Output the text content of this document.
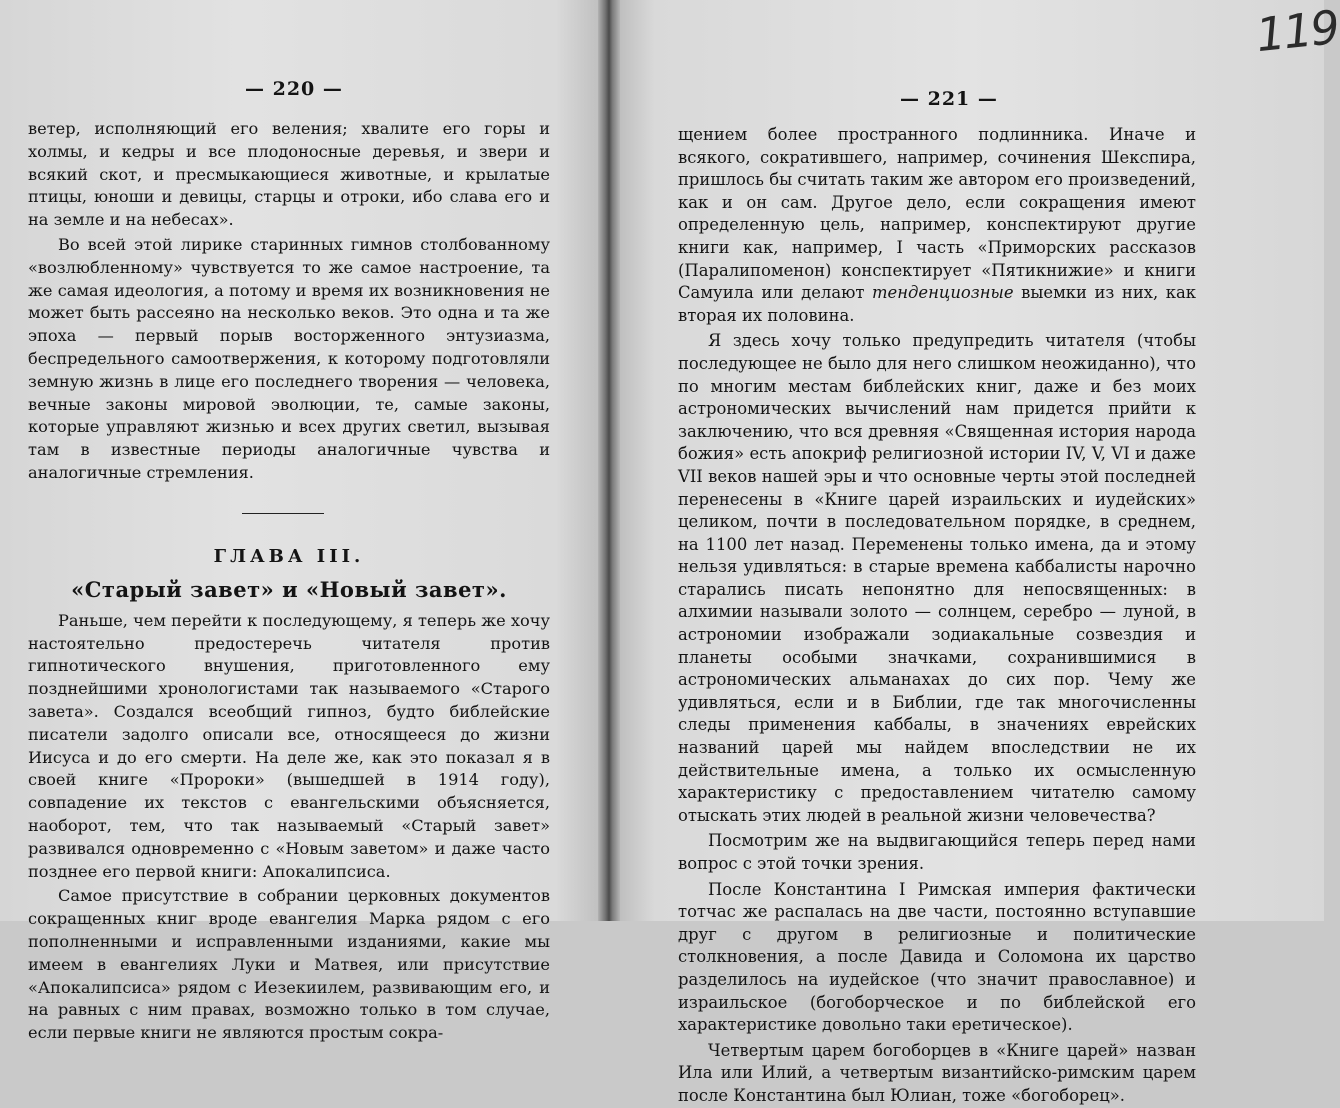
— 220 —

ветер, исполняющий его веления; хвалите его горы и холмы, и кедры и все плодоносные деревья, и звери и всякий скот, и пресмыкающиеся животные, и крылатые птицы, юноши и девицы, старцы и отроки, ибо слава его и на земле и на небесах».

Во всей этой лирике старинных гимнов столбованному «возлюбленному» чувствуется то же самое настроение, та же самая идеология, а потому и время их возникновения не может быть рассеяно на несколько веков. Это одна и та же эпоха — первый порыв восторженного энтузиазма, беспредельного самоотвержения, к которому подготовляли земную жизнь в лице его последнего творения — человека, вечные законы мировой эволюции, те, самые законы, которые управляют жизнью и всех других светил, вызывая там в известные периоды аналогичные чувства и аналогичные стремления.

ГЛАВА III.
«Старый завет» и «Новый завет».

Раньше, чем перейти к последующему, я теперь же хочу настоятельно предостеречь читателя против гипнотического внушения, приготовленного ему позднейшими хронологистами так называемого «Старого завета». Создался всеобщий гипноз, будто библейские писатели задолго описали все, относящееся до жизни Иисуса и до его смерти. На деле же, как это показал я в своей книге «Пророки» (вышедшей в 1914 году), совпадение их текстов с евангельскими объясняется, наоборот, тем, что так называемый «Старый завет» развивался одновременно с «Новым заветом» и даже часто позднее его первой книги: Апокалипсиса.

Самое присутствие в собрании церковных документов сокращенных книг вроде евангелия Марка рядом с его пополненными и исправленными изданиями, какие мы имеем в евангелиях Луки и Матвея, или присутствие «Апокалипсиса» рядом с Иезекиилем, развивающим его, и на равных с ним правах, возможно только в том случае, если первые книги не являются простым сокра-

119
— 221 —

щением более пространного подлинника. Иначе и всякого, сократившего, например, сочинения Шекспира, пришлось бы считать таким же автором его произведений, как и он сам. Другое дело, если сокращения имеют определенную цель, например, конспектируют другие книги как, например, I часть «Приморских рассказов (Паралипоменон) конспектирует «Пятикнижие» и книги Самуила или делают тенденциозные выемки из них, как вторая их половина.

Я здесь хочу только предупредить читателя (чтобы последующее не было для него слишком неожиданно), что по многим местам библейских книг, даже и без моих астрономических вычислений нам придется прийти к заключению, что вся древняя «Священная история народа божия» есть апокриф религиозной истории IV, V, VI и даже VII веков нашей эры и что основные черты этой последней перенесены в «Книге царей израильских и иудейских» целиком, почти в последовательном порядке, в среднем, на 1100 лет назад. Переменены только имена, да и этому нельзя удивляться: в старые времена каббалисты нарочно старались писать непонятно для непосвященных: в алхимии называли золото — солнцем, серебро — луной, в астрономии изображали зодиакальные созвездия и планеты особыми значками, сохранившимися в астрономических альманахах до сих пор. Чему же удивляться, если и в Библии, где так многочисленны следы применения каббалы, в значениях еврейских названий царей мы найдем впоследствии не их действительные имена, а только их осмысленную характеристику с предоставлением читателю самому отыскать этих людей в реальной жизни человечества?

Посмотрим же на выдвигающийся теперь перед нами вопрос с этой точки зрения.

После Константина I Римская империя фактически тотчас же распалась на две части, постоянно вступавшие друг с другом в религиозные и политические столкновения, а после Давида и Соломона их царство разделилось на иудейское (что значит православное) и израильское (богоборческое и по библейской его характеристике довольно таки еретическое).

Четвертым царем богоборцев в «Книге царей» назван Ила или Илий, а четвертым византийско-римским царем после Константина был Юлиан, тоже «богоборец».
